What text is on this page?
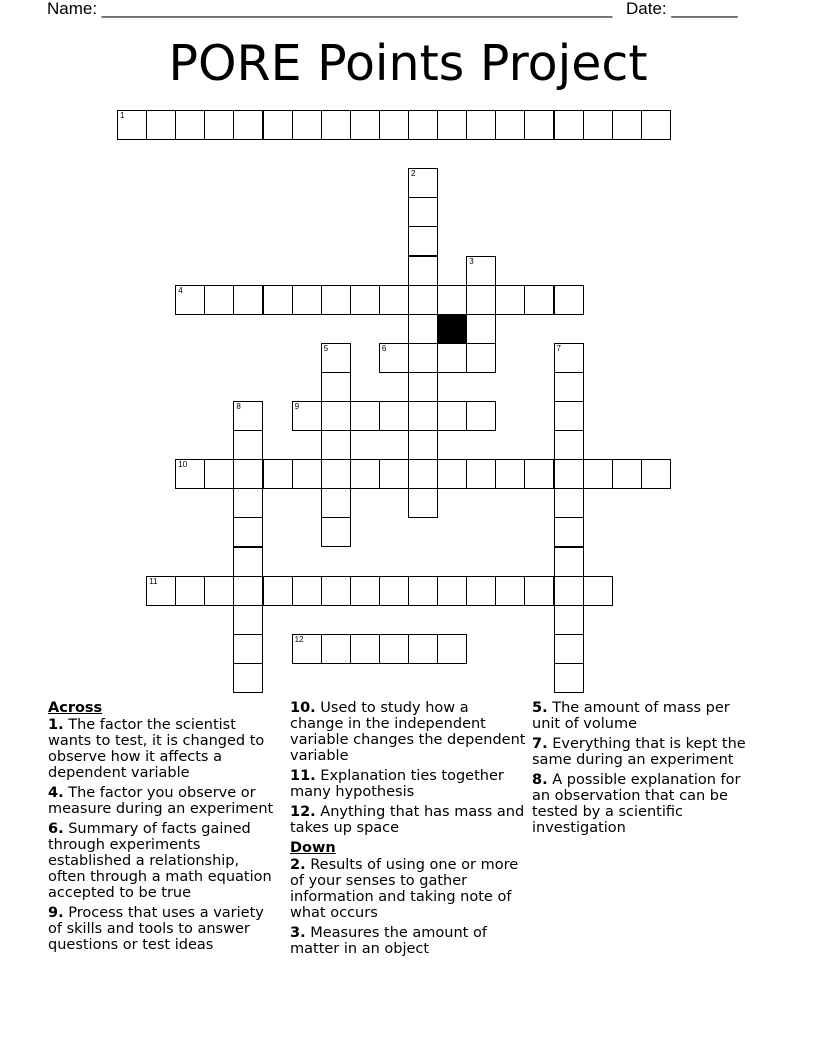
Name: ______________________________________________________ Date: _______
PORE Points Project
1
2
3
4
5	6	7
8	9
10
11
12
Across
1. The factor the scientist wants to test, it is changed to observe how it affects a dependent variable
4. The factor you observe or measure during an experiment
6. Summary of facts gained through experiments established a relationship, often through a math equation accepted to be true
9. Process that uses a variety of skills and tools to answer questions or test ideas
10. Used to study how a change in the independent variable changes the dependent variable
11. Explanation ties together many hypothesis
12. Anything that has mass and takes up space
Down
2. Results of using one or more of your senses to gather information and taking note of what occurs
3. Measures the amount of matter in an object
5. The amount of mass per unit of volume
7. Everything that is kept the same during an experiment
8. A possible explanation for an observation that can be tested by a scientific investigation
